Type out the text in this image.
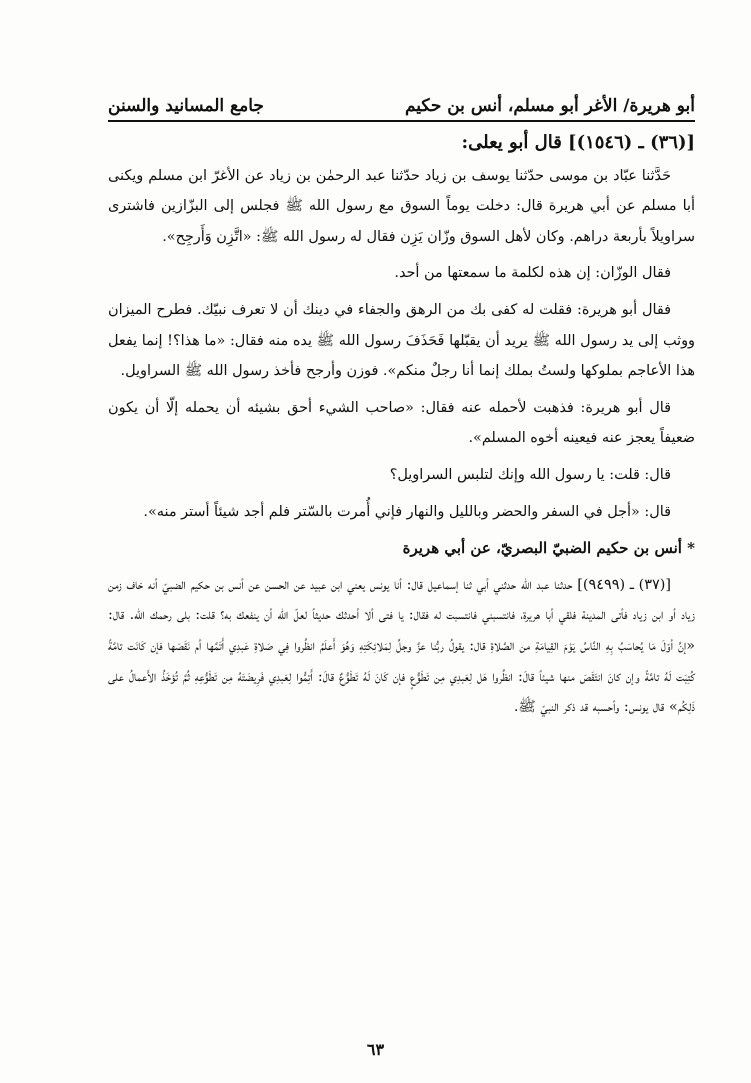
جامع المسانيد والسنن	أبو هريرة/ الأغر أبو مسلم، أنس بن حكيم

[(٣٦) ـ (١٥٤٦)] قال أبو يعلى:

حَدَّثنا عبّاد بن موسى حدّثنا يوسف بن زياد حدّثنا عبد الرحمٰن بن زياد عن الأغرّ ابن مسلم ويكنى أبا مسلم عن أبي هريرة قال: دخلت يوماً السوق مع رسول الله ﷺ فجلس إلى البزّازين فاشترى سراويلاً بأربعة دراهم. وكان لأهل السوق وزّان يَزِن فقال له رسول الله ﷺ: «اتَّزِن وَأَرجِح».

فقال الوزّان: إن هذه لكلمة ما سمعتها من أحد.

فقال أبو هريرة: فقلت له كفى بك من الرهق والجفاء في دينك أن لا تعرف نبيّك. فطرح الميزان ووثب إلى يد رسول الله ﷺ يريد أن يقبّلها فَحَذَفَ رسول الله ﷺ يده منه فقال: «ما هذا؟! إنما يفعل هذا الأعاجم بملوكها ولستُ بملك إنما أنا رجلٌ منكم». فوزن وأرجح فأخذ رسول الله ﷺ السراويل.

قال أبو هريرة: فذهبت لأحمله عنه فقال: «صاحب الشيء أحق بشيئه أن يحمله إلّا أن يكون ضعيفاً يعجز عنه فيعينه أخوه المسلم».

قال: قلت: يا رسول الله وإنك لتلبس السراويل؟

قال: «أجل في السفر والحضر وبالليل والنهار فإني أُمرت بالسّتر فلم أجد شيئاً أستر منه».

* أنس بن حكيم الضبيّ البصريّ، عن أبي هريرة

[(٣٧) ـ (٩٤٩٩)] حدثنا عبد الله حدثني أبي ثنا إسماعيل قال: أنا يونس يعني ابن عبيد عن الحسن عن أنس بن حكيم الضبيّ أنه خاف زمن زياد أو ابن زياد فأتى المدينة فلقي أبا هريرة، فانتسبني فانتسبت له فقال: يا فتى ألا أحدثك حديثاً لعلّ الله أن ينفعك به؟ قلت: بلى رحمك الله. قال: «إنَّ أوّلَ مَا يُحاسَبُ بِهِ النَّاسُ يَوْمَ القِيامَةِ من الصَّلاةِ قال: يقولُ ربُّنا عزَّ وجلَّ لِمَلائِكَتِهِ وَهُوَ أَعلَمُ انظُروا فِي صَلاةِ عَبدِي أَتَمَّها أم نَقَصَها فإن كَانَت تامَّةً كُتِبَت لَهُ تامَّةً وإن كانَ انتَقَصَ منها شيئاً قالَ: انظُروا هَل لِعَبدِي مِن تَطَوُّعٍ فإن كَانَ لَهُ تَطَوُّعٌ قالَ: أَتِمُّوا لِعَبدِي فَرِيضَتَهُ مِن تَطَوُّعِهِ ثُمَّ تُؤخَذُ الأَعمالُ على ذَلِكُم» قال يونس: وأحسبه قد ذكر النبيّ ﷺ.

٦٣
